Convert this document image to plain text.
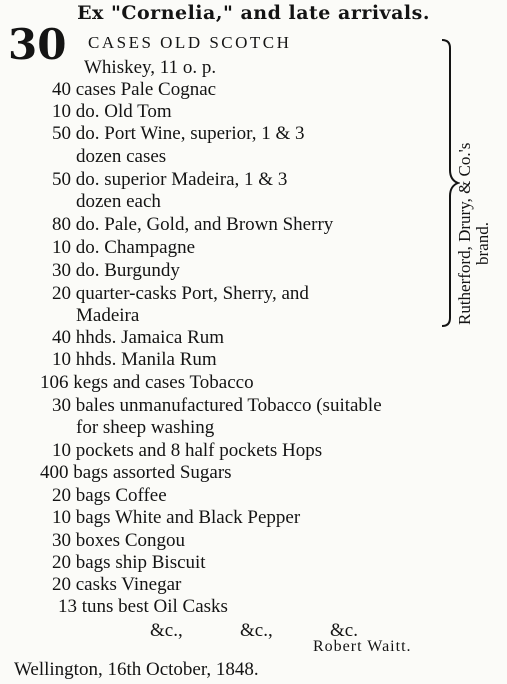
Ex "Cornelia," and late arrivals.
30 CASES OLD SCOTCH
Whiskey, 11 o. p.
40 cases Pale Cognac
10 do. Old Tom
50 do. Port Wine, superior, 1 & 3
dozen cases
50 do. superior Madeira, 1 & 3
dozen each
80 do. Pale, Gold, and Brown Sherry
10 do. Champagne
30 do. Burgundy
20 quarter-casks Port, Sherry, and
Madeira
40 hhds. Jamaica Rum
10 hhds. Manila Rum
106 kegs and cases Tobacco
30 bales unmanufactured Tobacco (suitable
for sheep washing
10 pockets and 8 half pockets Hops
400 bags assorted Sugars
20 bags Coffee
10 bags White and Black Pepper
30 boxes Congou
20 bags ship Biscuit
20 casks Vinegar
13 tuns best Oil Casks
Rutherford, Drury, & Co.'s brand.
&c.,	&c.,	&c.
Robert Waitt.
Wellington, 16th October, 1848.
